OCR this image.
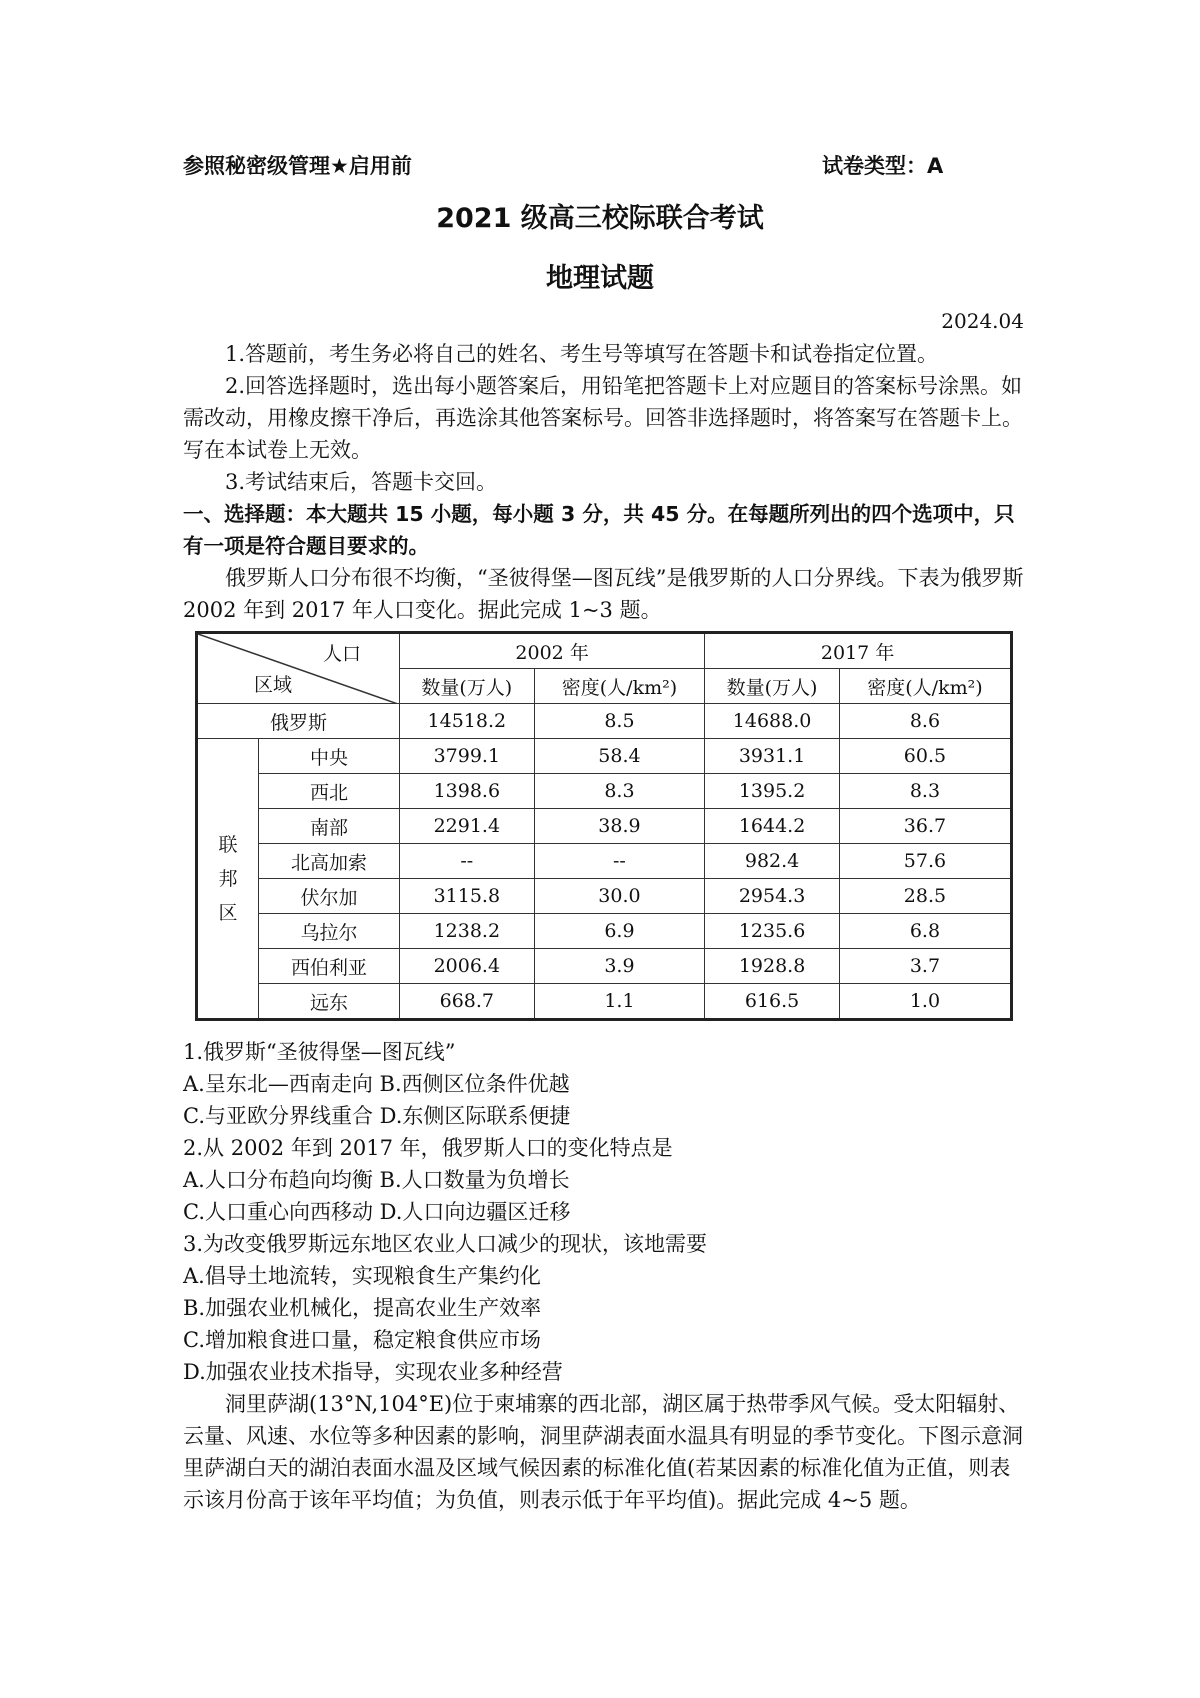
参照秘密级管理★启用前	试卷类型：A
2021 级高三校际联合考试
地理试题
2024.04

1.答题前，考生务必将自己的姓名、考生号等填写在答题卡和试卷指定位置。

2.回答选择题时，选出每小题答案后，用铅笔把答题卡上对应题目的答案标号涂黑。如需改动，用橡皮擦干净后，再选涂其他答案标号。回答非选择题时，将答案写在答题卡上。写在本试卷上无效。

3.考试结束后，答题卡交回。

一、选择题：本大题共 15 小题，每小题 3 分，共 45 分。在每题所列出的四个选项中，只有一项是符合题目要求的。

俄罗斯人口分布很不均衡，“圣彼得堡—图瓦线”是俄罗斯的人口分界线。下表为俄罗斯 2002 年到 2017 年人口变化。据此完成 1~3 题。

人口
区域		2002 年		2017 年	
		数量(万人)	密度(人/km²)	数量(万人)	密度(人/km²)
俄罗斯		14518.2	8.5	14688.0	8.6

联
邦
区	中央	3799.1	58.4	3931.1	60.5
	西北	1398.6	8.3	1395.2	8.3
	南部	2291.4	38.9	1644.2	36.7
	北高加索	--	--	982.4	57.6
	伏尔加	3115.8	30.0	2954.3	28.5
	乌拉尔	1238.2	6.9	1235.6	6.8
	西伯利亚	2006.4	3.9	1928.8	3.7
	远东	668.7	1.1	616.5	1.0

1.俄罗斯“圣彼得堡—图瓦线”

A.呈东北—西南走向 B.西侧区位条件优越

C.与亚欧分界线重合 D.东侧区际联系便捷

2.从 2002 年到 2017 年，俄罗斯人口的变化特点是

A.人口分布趋向均衡 B.人口数量为负增长

C.人口重心向西移动 D.人口向边疆区迁移

3.为改变俄罗斯远东地区农业人口减少的现状，该地需要

A.倡导土地流转，实现粮食生产集约化

B.加强农业机械化，提高农业生产效率

C.增加粮食进口量，稳定粮食供应市场

D.加强农业技术指导，实现农业多种经营

洞里萨湖(13°N,104°E)位于柬埔寨的西北部，湖区属于热带季风气候。受太阳辐射、云量、风速、水位等多种因素的影响，洞里萨湖表面水温具有明显的季节变化。下图示意洞里萨湖白天的湖泊表面水温及区域气候因素的标准化值(若某因素的标准化值为正值，则表示该月份高于该年平均值；为负值，则表示低于年平均值)。据此完成 4~5 题。
